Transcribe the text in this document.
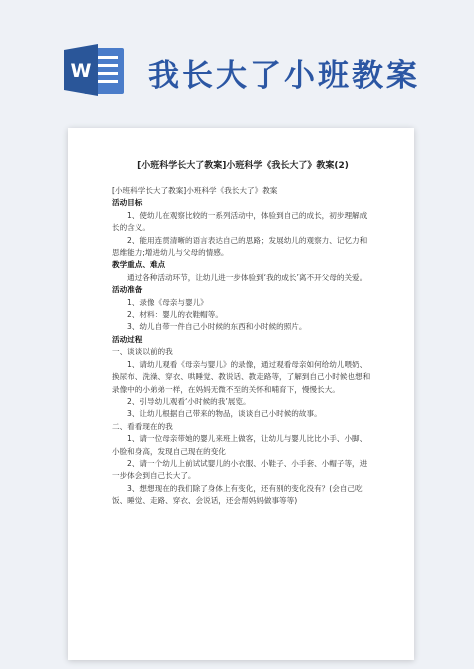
W 我长大了小班教案
[小班科学长大了教案]小班科学《我长大了》教案(2)

[小班科学长大了教案]小班科学《我长大了》教案

活动目标

1、使幼儿在观察比较的一系列活动中，体验到自己的成长，初步理解成长的含义。

2、能用连贯清晰的语言表达自己的思路；发展幼儿的观察力、记忆力和思维能力;增进幼儿与父母的情感。

教学重点、难点

通过各种活动环节，让幼儿进一步体验到‘我的成长’离不开父母的关爱。

活动准备

1、录像《母亲与婴儿》

2、材料：婴儿的衣鞋帽等。

3、幼儿自带一件自己小时候的东西和小时候的照片。

活动过程

一、谈谈以前的我

1、请幼儿观看《母亲与婴儿》的录像，通过观看母亲如何给幼儿喂奶、换尿布、洗澡、穿衣、哄睡觉、教说话、教走路等，了解到自己小时候也想和录像中的小弟弟一样，在妈妈无微不至的关怀和哺育下，慢慢长大。

2、引导幼儿观看‘小时候的我’展览。

3、让幼儿根据自己带来的物品，谈谈自己小时候的故事。

二、看看现在的我

1、请一位母亲带她的婴儿来班上做客，让幼儿与婴儿比比小手、小脚、小脸和身高，发现自己现在的变化

2、请一个幼儿上前试试婴儿的小衣服、小鞋子、小手套、小帽子等，进一步体会到自己长大了。

3、想想现在的我们除了身体上有变化，还有别的变化没有？(会自己吃饭、睡觉、走路、穿衣、会说话，还会帮妈妈做事等等)
